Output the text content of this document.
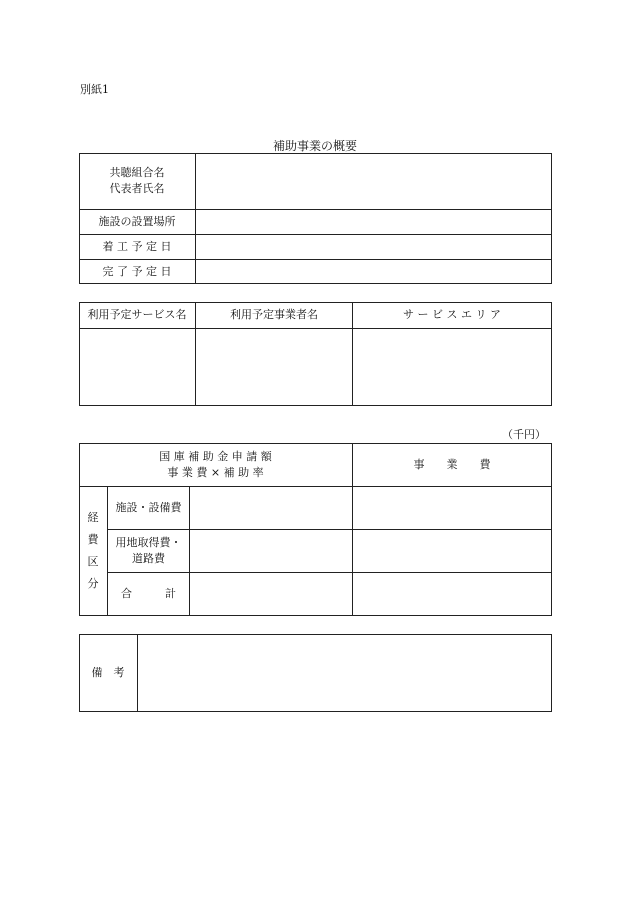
別紙1
補助事業の概要
共聴組合名
代表者氏名
施設の設置場所
着 工 予 定 日
完 了 予 定 日
利用予定サービス名	利用予定事業者名	サ ー ビ ス エ リ ア
（千円）
国 庫 補 助 金 申 請 額
事 業 費 × 補 助 率
事　　業　　費
経
費
区
分
施設・設備費
用地取得費・
道路費
合　　　計
備　考
